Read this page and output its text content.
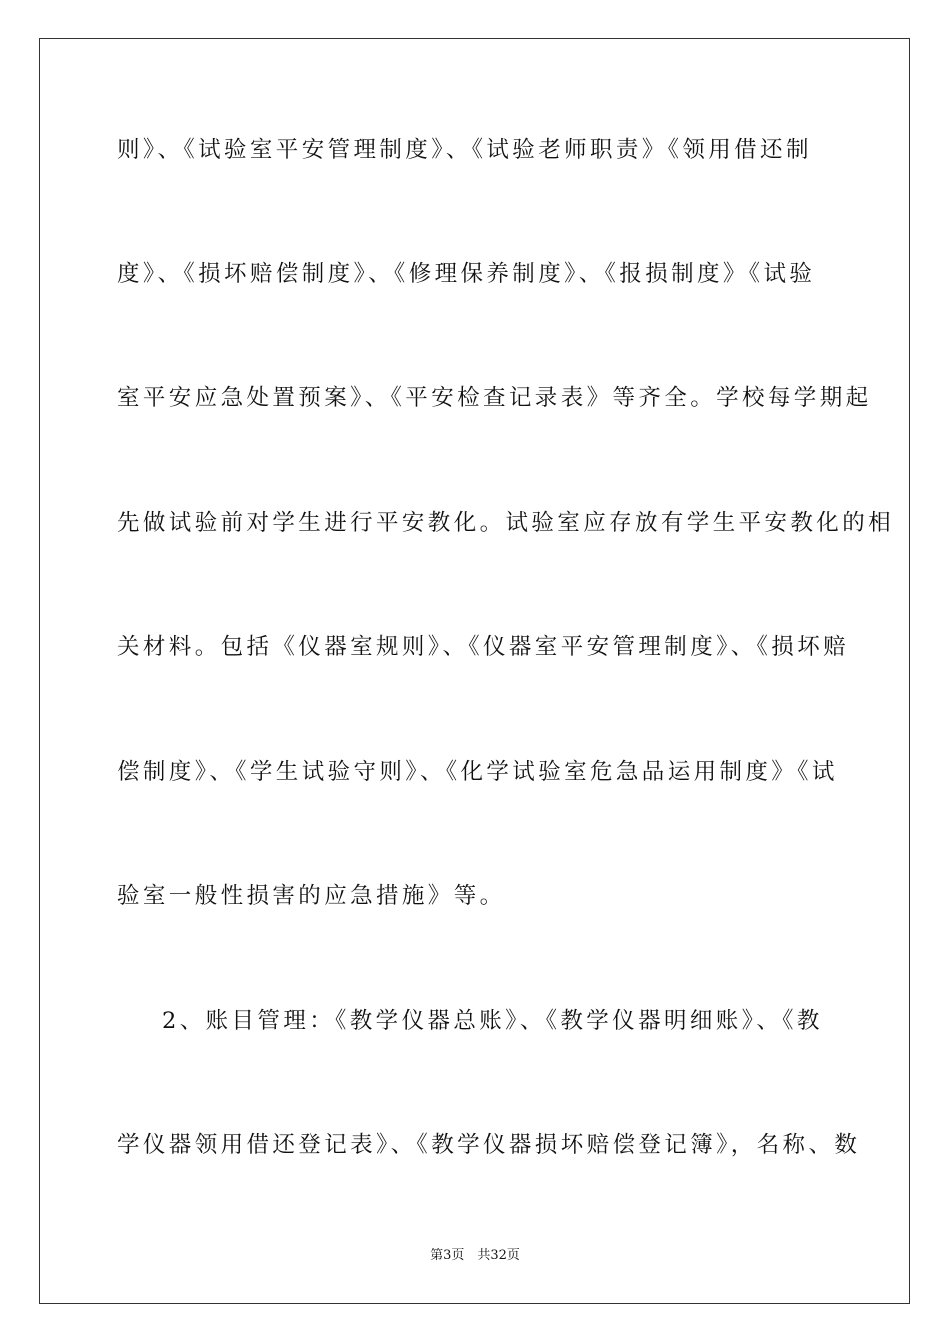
则》、《试验室平安管理制度》、《试验老师职责》《领用借还制
度》、《损坏赔偿制度》、《修理保养制度》、《报损制度》《试验
室平安应急处置预案》、《平安检查记录表》等齐全。学校每学期起
先做试验前对学生进行平安教化。试验室应存放有学生平安教化的相
关材料。包括《仪器室规则》、《仪器室平安管理制度》、《损坏赔
偿制度》、《学生试验守则》、《化学试验室危急品运用制度》《试
验室一般性损害的应急措施》等。
2、账目管理：《教学仪器总账》、《教学仪器明细账》、《教
学仪器领用借还登记表》、《教学仪器损坏赔偿登记簿》，名称、数
第3页　共32页
